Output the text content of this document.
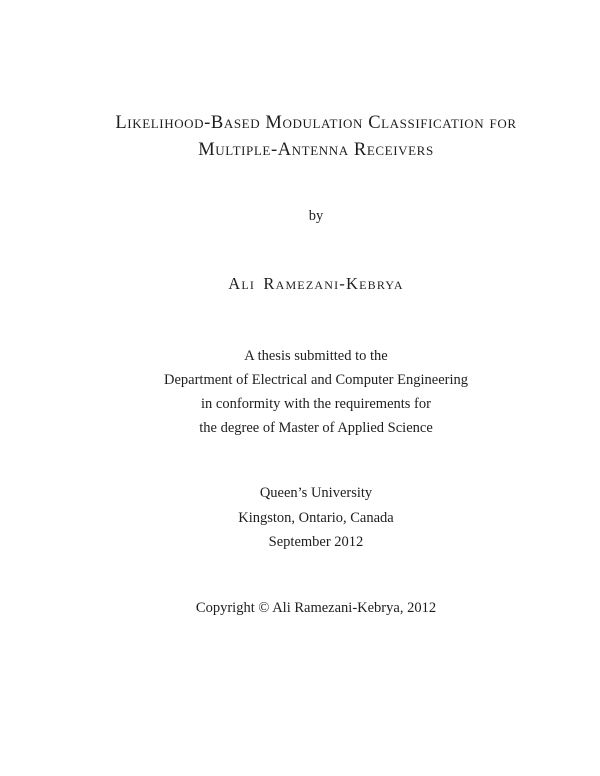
Likelihood-Based Modulation Classification for
Multiple-Antenna Receivers
by
Ali Ramezani-Kebrya
A thesis submitted to the
Department of Electrical and Computer Engineering
in conformity with the requirements for
the degree of Master of Applied Science
Queen’s University
Kingston, Ontario, Canada
September 2012
Copyright © Ali Ramezani-Kebrya, 2012
